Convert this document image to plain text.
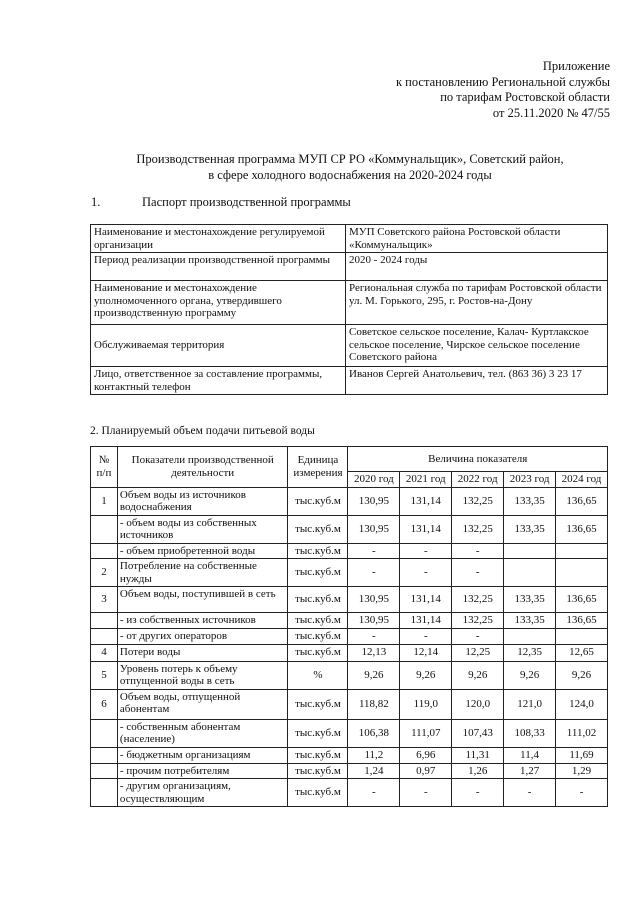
Приложение
к постановлению Региональной службы
по тарифам Ростовской области
от 25.11.2020 № 47/55
Производственная программа МУП СР РО «Коммунальщик», Советский район,
в сфере холодного водоснабжения на 2020-2024 годы
1.	Паспорт производственной программы
Наименование и местонахождение регулируемой организации	МУП Советского района Ростовской области «Коммунальщик»

Период реализации производственной программы	2020 - 2024 годы

Наименование и местонахождение уполномоченного органа, утвердившего производственную программу	Региональная служба по тарифам Ростовской области
ул. М. Горького, 295, г. Ростов-на-Дону

Обслуживаемая территория	Советское сельское поселение, Калач- Куртлакское сельское поселение, Чирское сельское поселение Советского района

Лицо, ответственное за составление программы, контактный телефон	Иванов Сергей Анатольевич, тел. (863 36) 3 23 17
2. Планируемый объем подачи питьевой воды
№ п/п	Показатели производственной деятельности	Единица измерения	Величина показателя				
			2020 год	2021 год	2022 год	2023 год	2024 год
1	Объем воды из источников водоснабжения	тыс.куб.м	130,95	131,14	132,25	133,35	136,65
	- объем воды из собственных источников	тыс.куб.м	130,95	131,14	132,25	133,35	136,65
	- объем приобретенной воды	тыс.куб.м	-	-	-		
2	Потребление на собственные нужды	тыс.куб.м	-	-	-		
3	Объем воды, поступившей в сеть	тыс.куб.м	130,95	131,14	132,25	133,35	136,65
	- из собственных источников	тыс.куб.м	130,95	131,14	132,25	133,35	136,65
	- от других операторов	тыс.куб.м	-	-	-		
4	Потери воды	тыс.куб.м	12,13	12,14	12,25	12,35	12,65
5	Уровень потерь к объему отпущенной воды в сеть	%	9,26	9,26	9,26	9,26	9,26
6	Объем воды, отпущенной абонентам	тыс.куб.м	118,82	119,0	120,0	121,0	124,0
	- собственным абонентам (население)	тыс.куб.м	106,38	111,07	107,43	108,33	111,02
	- бюджетным организациям	тыс.куб.м	11,2	6,96	11,31	11,4	11,69
	- прочим потребителям	тыс.куб.м	1,24	0,97	1,26	1,27	1,29
	- другим организациям, осуществляющим	тыс.куб.м	-	-	-	-	-
